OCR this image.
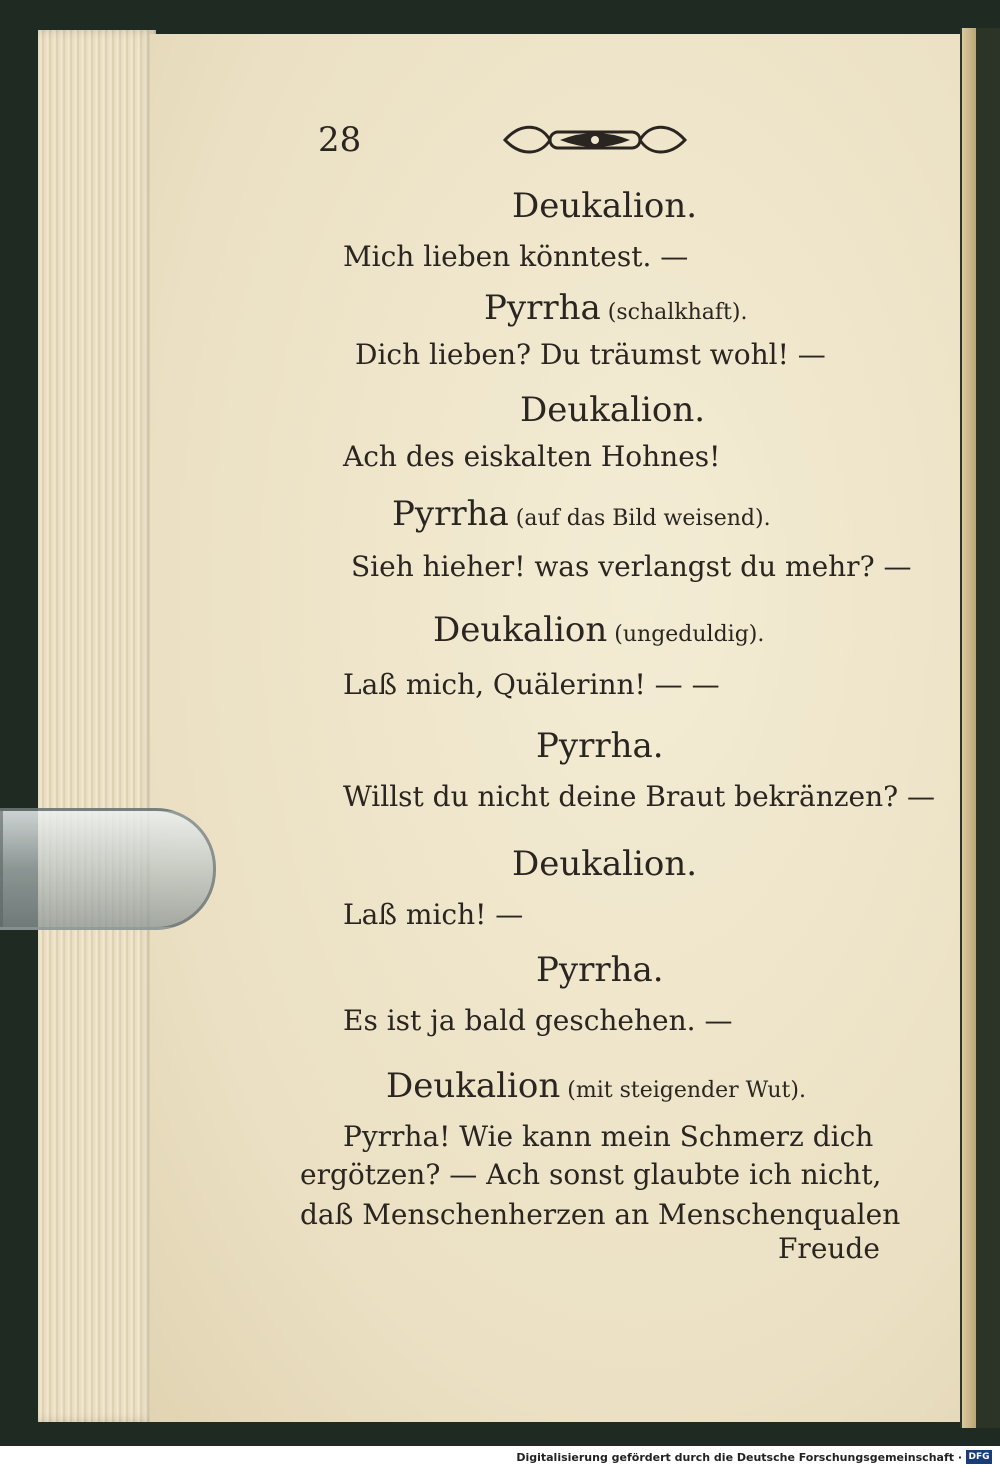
28
Deukalion.
Mich lieben könntest. —
Pyrrha (schalkhaft).
Dich lieben? Du träumst wohl! —
Deukalion.
Ach des eiskalten Hohnes!
Pyrrha (auf das Bild weisend).
Sieh hieher! was verlangst du mehr? —
Deukalion (ungeduldig).
Laß mich, Quälerinn! — —
Pyrrha.
Willst du nicht deine Braut bekränzen? —
Deukalion.
Laß mich! —
Pyrrha.
Es ist ja bald geschehen. —
Deukalion (mit steigender Wut).
Pyrrha! Wie kann mein Schmerz dich
ergötzen? — Ach sonst glaubte ich nicht,
daß Menschenherzen an Menschenqualen
Freude
Digitalisierung gefördert durch die Deutsche Forschungsgemeinschaft · DFG
